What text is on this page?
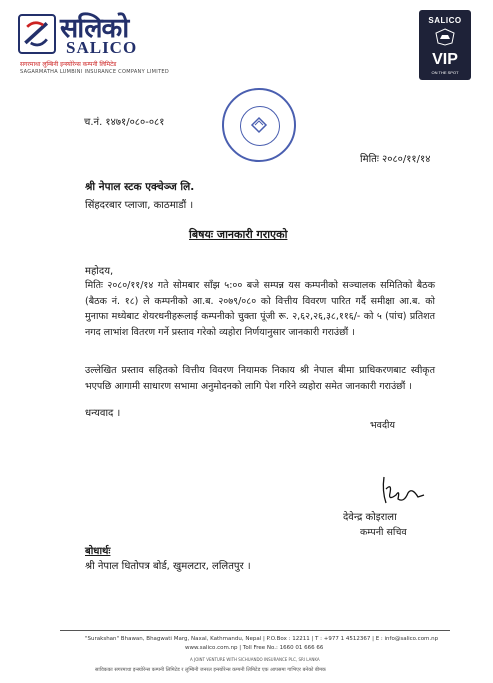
सलिको
SALICO
सगरमाथा लुम्बिनी इन्स्योरेन्स कम्पनी लिमिटेड
SAGARMATHA LUMBINI INSURANCE COMPANY LIMITED
SALICO
VIP
ON THE SPOT
च.नं. १४७१/०८०-०८१
मितिः २०८०/११/१४
श्री नेपाल स्टक एक्चेञ्ज लि.
सिंहदरबार प्लाजा, काठमाडौं ।
बिषयः जानकारी गराएको
महोदय,
मितिः २०८०/११/१४ गते सोमबार साँझ ५:०० बजे सम्पन्न यस कम्पनीको सञ्चालक समितिको बैठक (बैठक नं. १८) ले कम्पनीको आ.ब. २०७९/०८० को वित्तीय विवरण पारित गर्दै समीक्षा आ.ब. को मुनाफा मध्येबाट शेयरधनीहरूलाई कम्पनीको चुक्ता पूंजी रू. २,६२,२६,३८,११६/- को ५ (पांच) प्रतिशत नगद लाभांश वितरण गर्ने प्रस्ताव गरेको व्यहोरा निर्णयानुसार जानकारी गराउंछौं ।
उल्लेखित प्रस्ताव सहितको वित्तीय विवरण नियामक निकाय श्री नेपाल बीमा प्राधिकरणबाट स्वीकृत भएपछि आगामी साधारण सभामा अनुमोदनको लागि पेश गरिने व्यहोरा समेत जानकारी गराउंछौं ।
धन्यवाद ।
भवदीय
देवेन्द्र कोइराला
कम्पनी सचिव
बोधार्थः
श्री नेपाल धितोपत्र बोर्ड, खुमलटार, ललितपुर ।
"Surakshan" Bhawan, Bhagwati Marg, Naxal, Kathmandu, Nepal | P.O.Box : 12211 | T : +977 1 4512367 | E : info@salico.com.np
www.salico.com.np | Toll Free No.: 1660 01 666 66
A JOINT VENTURE WITH SICHUANDO INSURANCE PLC, SRI LANKA
साविकका सगरमाथा इन्स्योरेन्स कम्पनी लिमिटेड र लुम्बिनी जनरल इन्स्योरेन्स कम्पनी लिमिटेड एक आपसमा गाभिएर बनेको बीमक
